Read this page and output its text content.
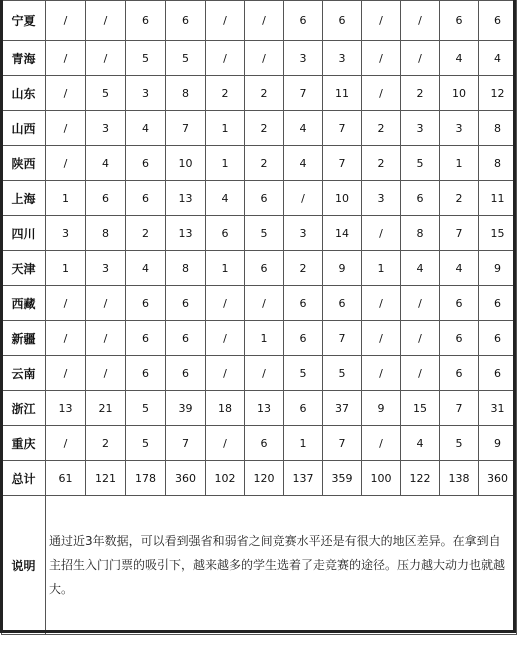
宁夏	/	/	6	6	/	/	6	6	/	/	6	6
青海	/	/	5	5	/	/	3	3	/	/	4	4
山东	/	5	3	8	2	2	7	11	/	2	10	12
山西	/	3	4	7	1	2	4	7	2	3	3	8
陕西	/	4	6	10	1	2	4	7	2	5	1	8
上海	1	6	6	13	4	6	/	10	3	6	2	11
四川	3	8	2	13	6	5	3	14	/	8	7	15
天津	1	3	4	8	1	6	2	9	1	4	4	9
西藏	/	/	6	6	/	/	6	6	/	/	6	6
新疆	/	/	6	6	/	1	6	7	/	/	6	6
云南	/	/	6	6	/	/	5	5	/	/	6	6
浙江	13	21	5	39	18	13	6	37	9	15	7	31
重庆	/	2	5	7	/	6	1	7	/	4	5	9
总计	61	121	178	360	102	120	137	359	100	122	138	360
说明	通过近3年数据，可以看到强省和弱省之间竞赛水平还是有很大的地区差异。在拿到自主招生入门门票的吸引下，越来越多的学生选着了走竞赛的途径。压力越大动力也就越大。											
